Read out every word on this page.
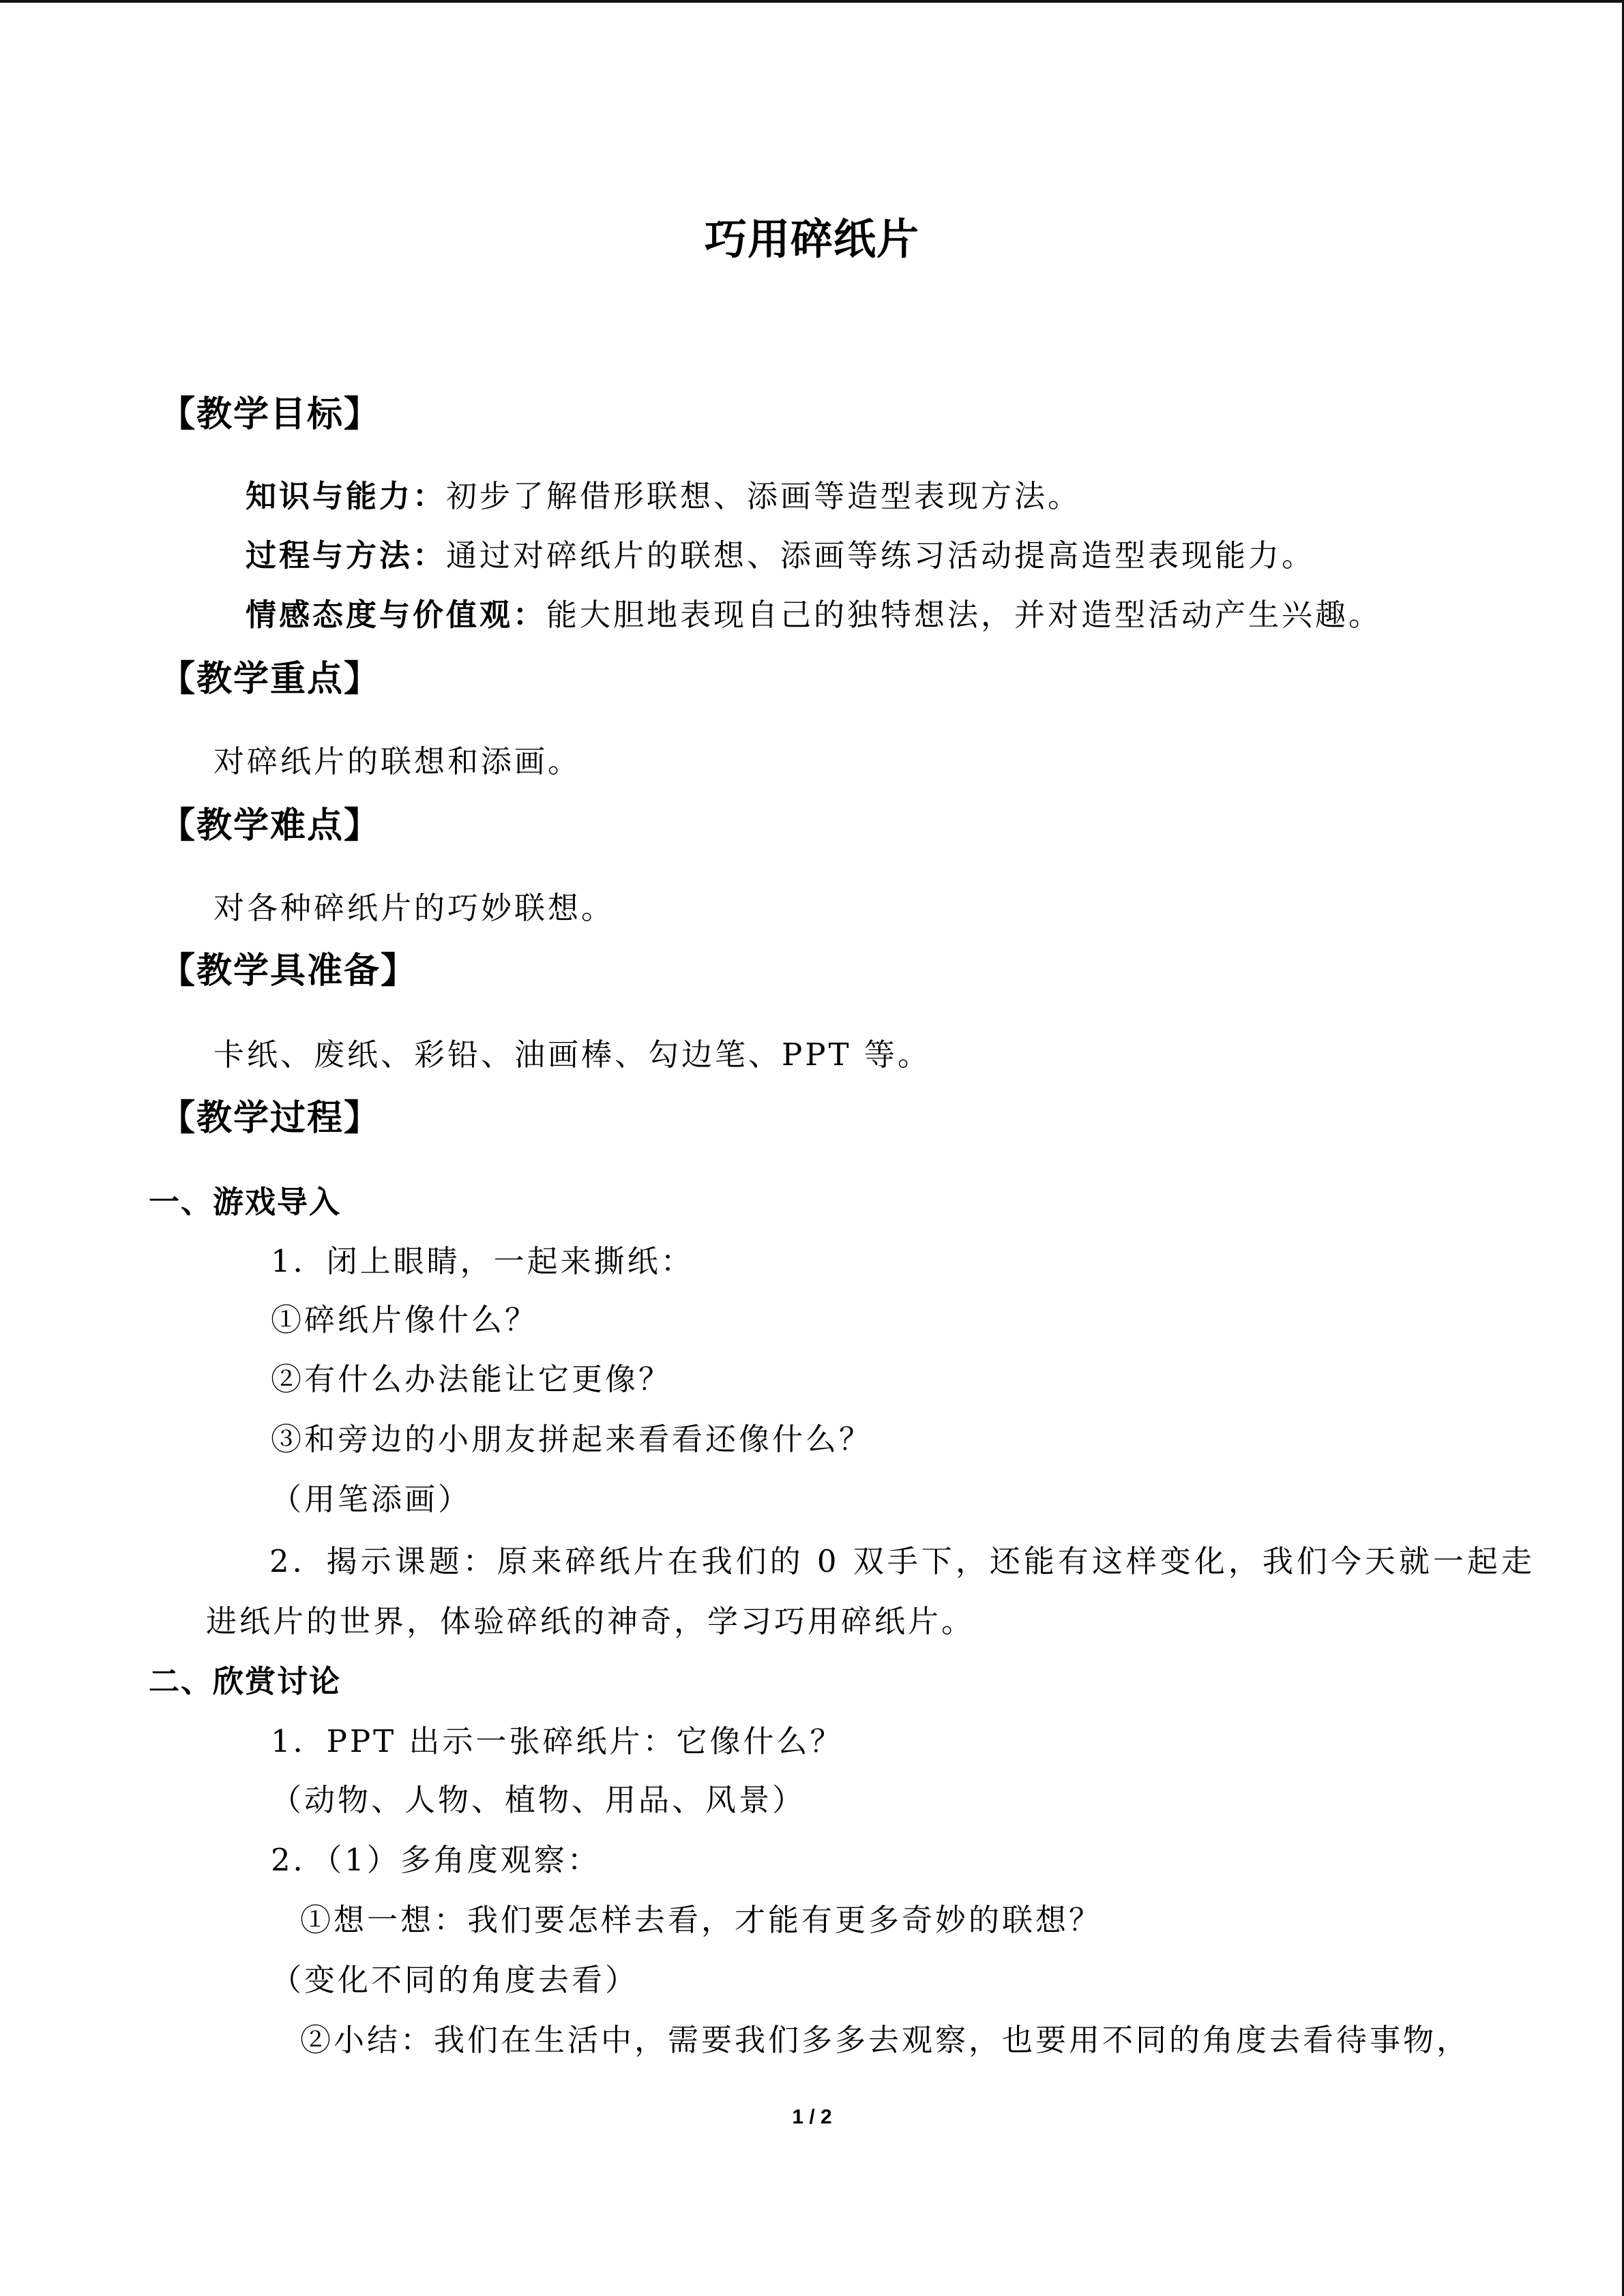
巧用碎纸片
【教学目标】
知识与能力：初步了解借形联想、添画等造型表现方法。
过程与方法：通过对碎纸片的联想、添画等练习活动提高造型表现能力。
情感态度与价值观：能大胆地表现自己的独特想法，并对造型活动产生兴趣。
【教学重点】
对碎纸片的联想和添画。
【教学难点】
对各种碎纸片的巧妙联想。
【教学具准备】
卡纸、废纸、彩铅、油画棒、勾边笔、PPT 等。
【教学过程】
一、游戏导入
1．闭上眼睛，一起来撕纸：
①碎纸片像什么？
②有什么办法能让它更像？
③和旁边的小朋友拼起来看看还像什么？
（用笔添画）
2．揭示课题：原来碎纸片在我们的 0 双手下，还能有这样变化，我们今天就一起走
进纸片的世界，体验碎纸的神奇，学习巧用碎纸片。
二、欣赏讨论
1．PPT 出示一张碎纸片：它像什么？
（动物、人物、植物、用品、风景）
2．（1）多角度观察：
①想一想：我们要怎样去看，才能有更多奇妙的联想？
（变化不同的角度去看）
②小结：我们在生活中，需要我们多多去观察，也要用不同的角度去看待事物，
1 / 2
